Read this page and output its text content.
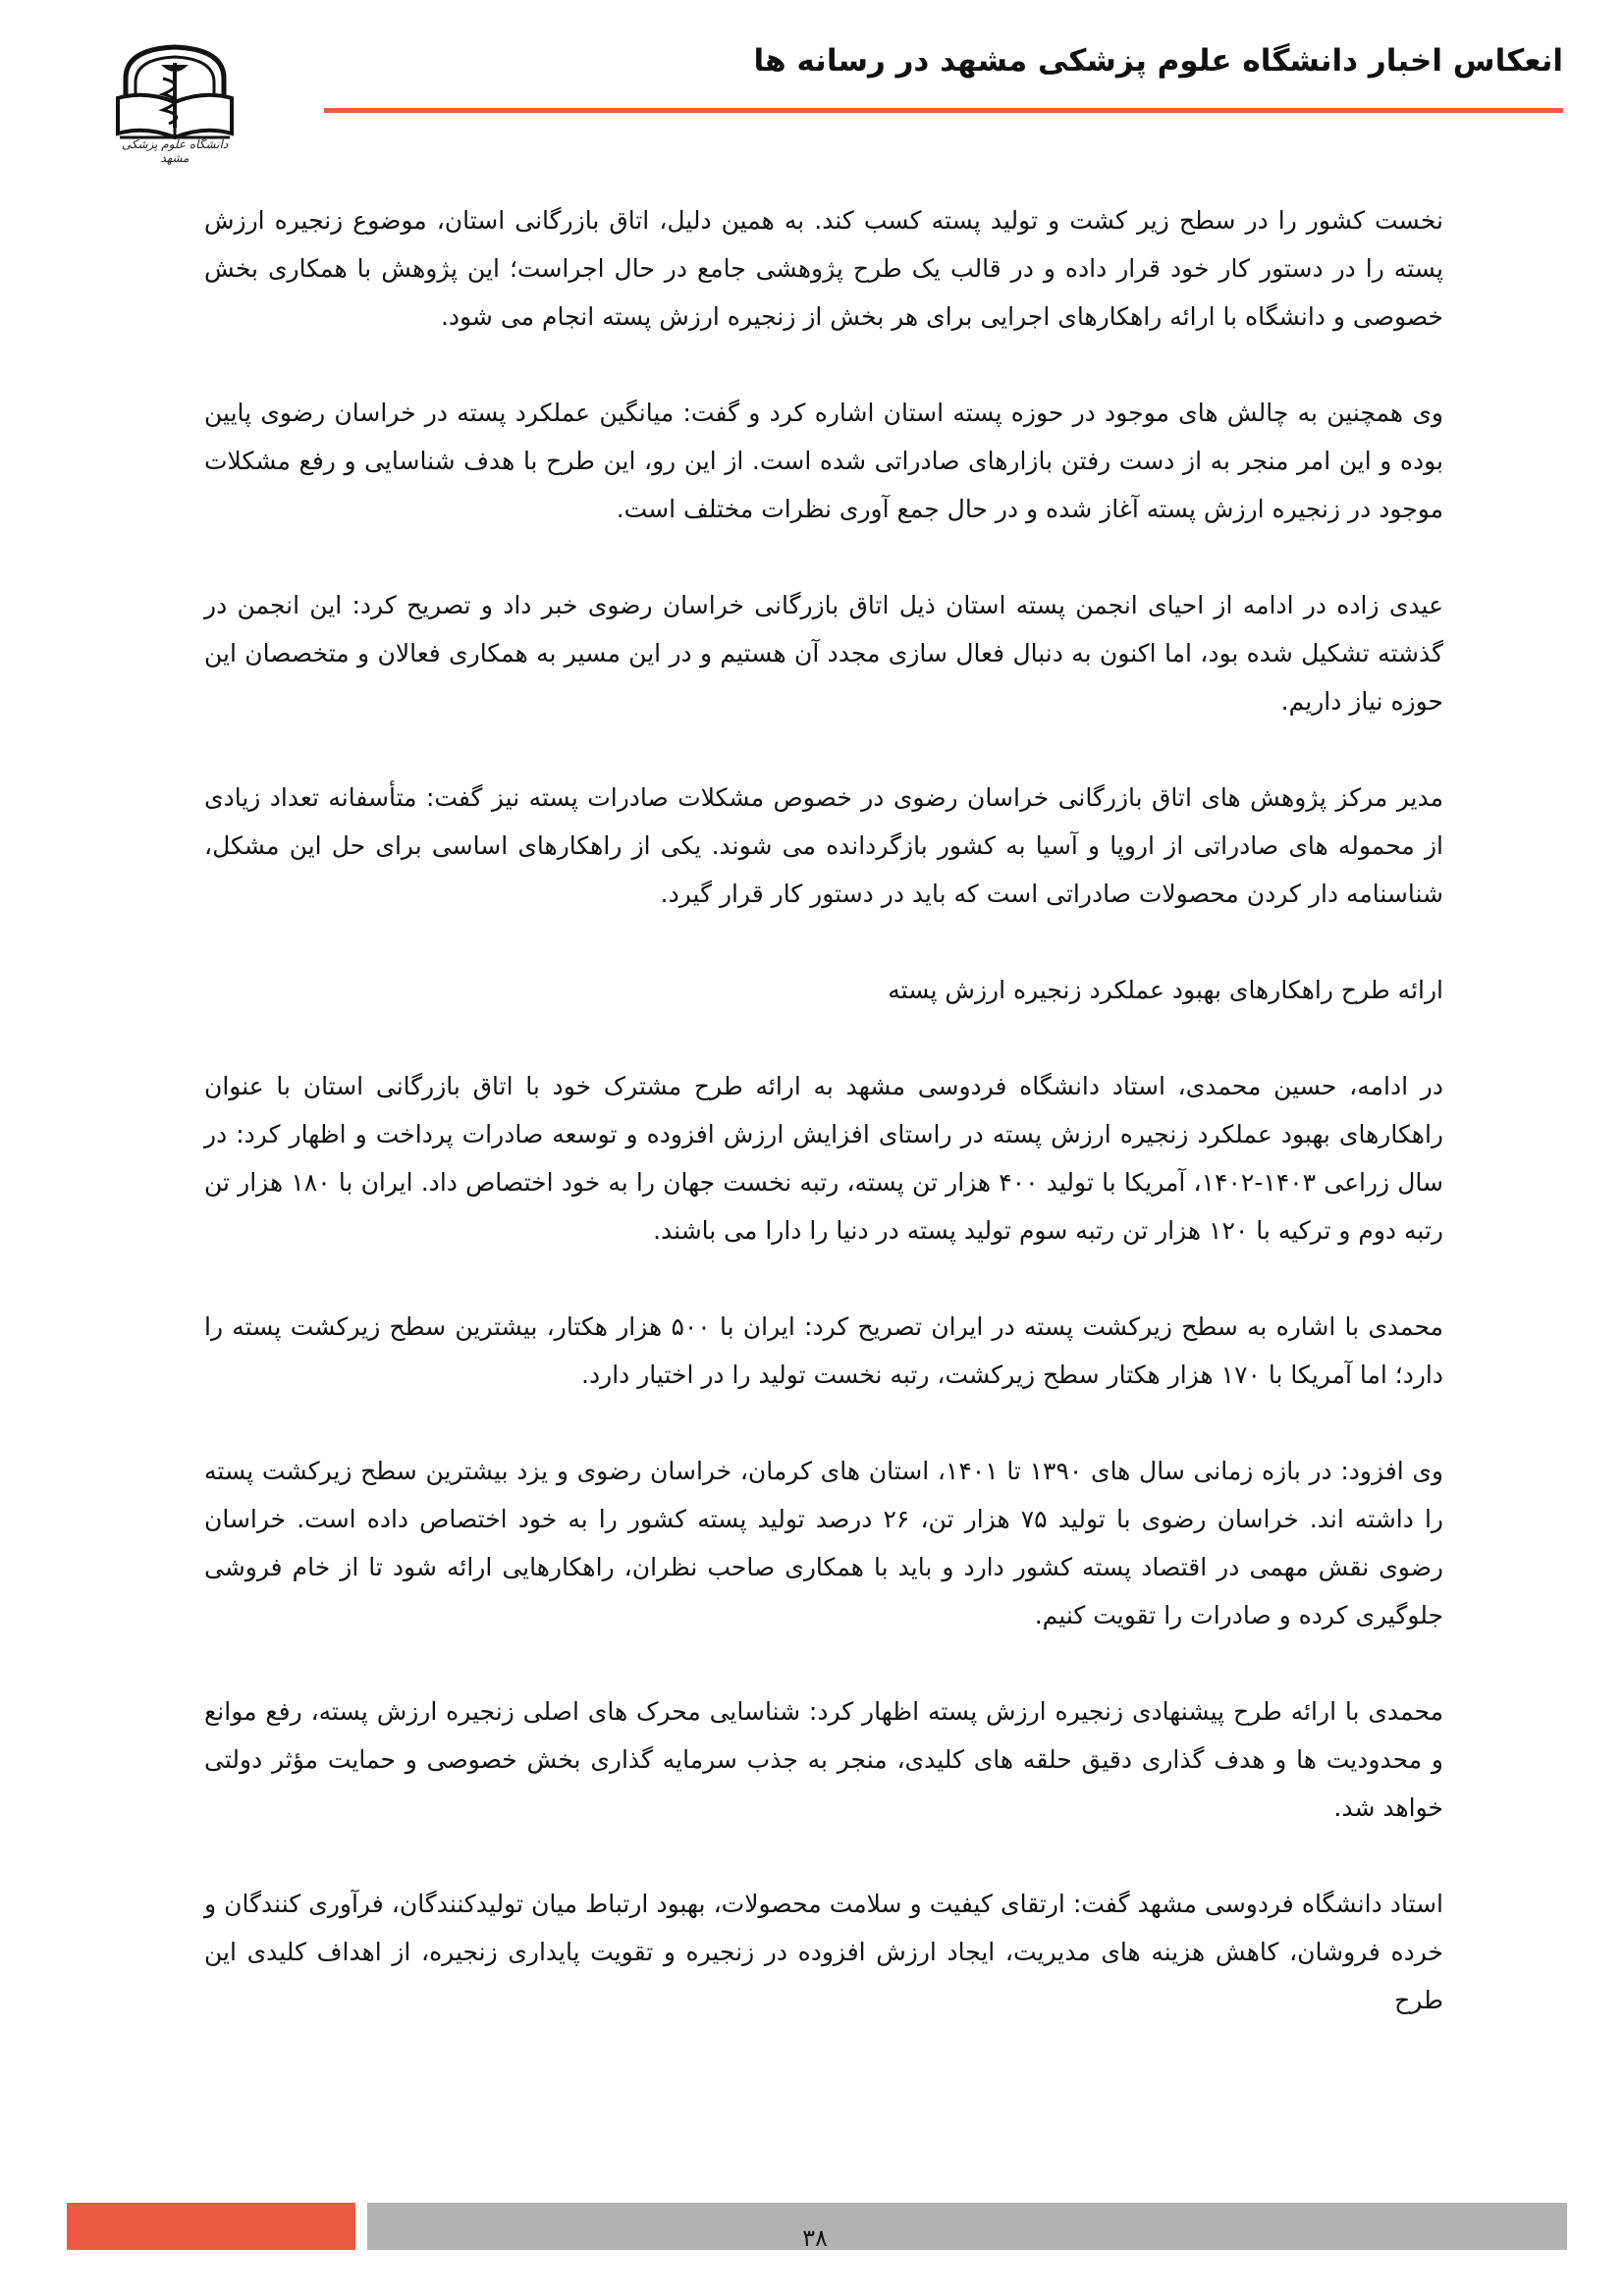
انعکاس اخبار دانشگاه علوم پزشکی مشهد در رسانه ها
دانشگاه علوم پزشکی مشهد

نخست کشور را در سطح زیر کشت و تولید پسته کسب کند. به همین دلیل، اتاق بازرگانی استان، موضوع زنجیره ارزش پسته را در دستور کار خود قرار داده و در قالب یک طرح پژوهشی جامع در حال اجراست؛ این پژوهش با همکاری بخش خصوصی و دانشگاه با ارائه راهکارهای اجرایی برای هر بخش از زنجیره ارزش پسته انجام می شود.

وی همچنین به چالش های موجود در حوزه پسته استان اشاره کرد و گفت: میانگین عملکرد پسته در خراسان رضوی پایین بوده و این امر منجر به از دست رفتن بازارهای صادراتی شده است. از این رو، این طرح با هدف شناسایی و رفع مشکلات موجود در زنجیره ارزش پسته آغاز شده و در حال جمع آوری نظرات مختلف است.

عیدی زاده در ادامه از احیای انجمن پسته استان ذیل اتاق بازرگانی خراسان رضوی خبر داد و تصریح کرد: این انجمن در گذشته تشکیل شده بود، اما اکنون به دنبال فعال سازی مجدد آن هستیم و در این مسیر به همکاری فعالان و متخصصان این حوزه نیاز داریم.

مدیر مرکز پژوهش های اتاق بازرگانی خراسان رضوی در خصوص مشکلات صادرات پسته نیز گفت: متأسفانه تعداد زیادی از محموله های صادراتی از اروپا و آسیا به کشور بازگردانده می شوند. یکی از راهکارهای اساسی برای حل این مشکل، شناسنامه دار کردن محصولات صادراتی است که باید در دستور کار قرار گیرد.

ارائه طرح راهکارهای بهبود عملکرد زنجیره ارزش پسته

در ادامه، حسین محمدی، استاد دانشگاه فردوسی مشهد به ارائه طرح مشترک خود با اتاق بازرگانی استان با عنوان راهکارهای بهبود عملکرد زنجیره ارزش پسته در راستای افزایش ارزش افزوده و توسعه صادرات پرداخت و اظهار کرد: در سال زراعی ۱۴۰۳-۱۴۰۲، آمریکا با تولید ۴۰۰ هزار تن پسته، رتبه نخست جهان را به خود اختصاص داد. ایران با ۱۸۰ هزار تن رتبه دوم و ترکیه با ۱۲۰ هزار تن رتبه سوم تولید پسته در دنیا را دارا می باشند.

محمدی با اشاره به سطح زیرکشت پسته در ایران تصریح کرد: ایران با ۵۰۰ هزار هکتار، بیشترین سطح زیرکشت پسته را دارد؛ اما آمریکا با ۱۷۰ هزار هکتار سطح زیرکشت، رتبه نخست تولید را در اختیار دارد.

وی افزود: در بازه زمانی سال های ۱۳۹۰ تا ۱۴۰۱، استان های کرمان، خراسان رضوی و یزد بیشترین سطح زیرکشت پسته را داشته اند. خراسان رضوی با تولید ۷۵ هزار تن، ۲۶ درصد تولید پسته کشور را به خود اختصاص داده است. خراسان رضوی نقش مهمی در اقتصاد پسته کشور دارد و باید با همکاری صاحب نظران، راهکارهایی ارائه شود تا از خام فروشی جلوگیری کرده و صادرات را تقویت کنیم.

محمدی با ارائه طرح پیشنهادی زنجیره ارزش پسته اظهار کرد: شناسایی محرک های اصلی زنجیره ارزش پسته، رفع موانع و محدودیت ها و هدف گذاری دقیق حلقه های کلیدی، منجر به جذب سرمایه گذاری بخش خصوصی و حمایت مؤثر دولتی خواهد شد.

استاد دانشگاه فردوسی مشهد گفت: ارتقای کیفیت و سلامت محصولات، بهبود ارتباط میان تولیدکنندگان، فرآوری کنندگان و خرده فروشان، کاهش هزینه های مدیریت، ایجاد ارزش افزوده در زنجیره و تقویت پایداری زنجیره، از اهداف کلیدی این طرح

۳۸
